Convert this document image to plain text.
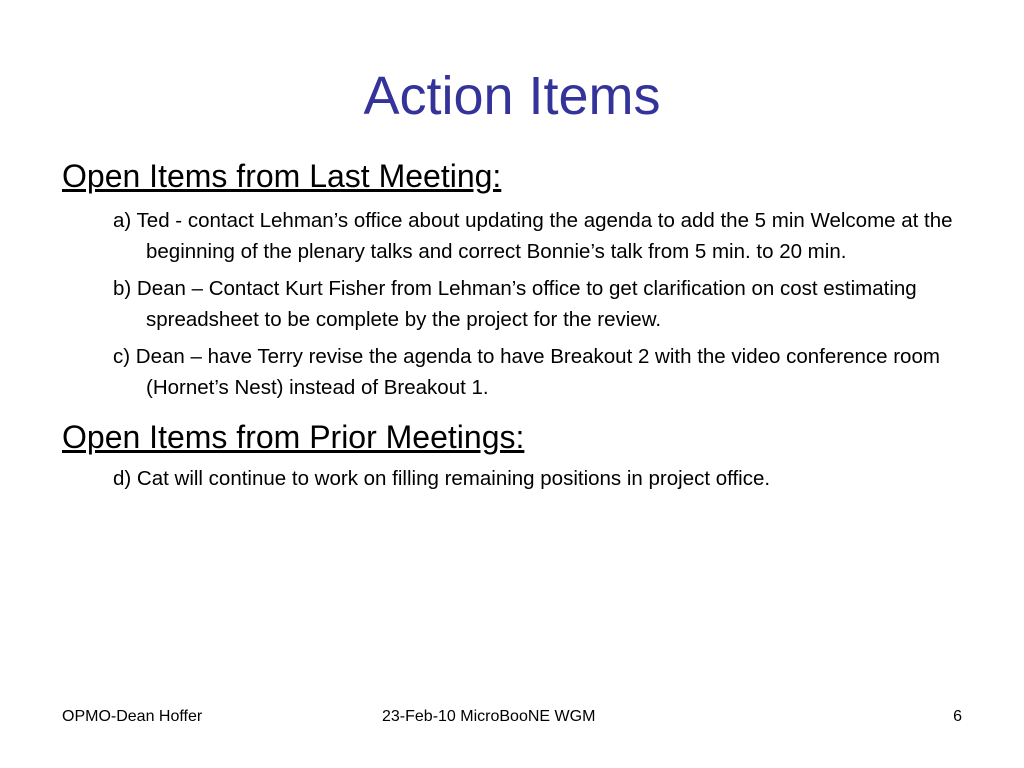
Action Items
Open Items from Last Meeting:
a) Ted - contact Lehman’s office about updating the agenda to add the 5 min Welcome at the beginning of the plenary talks and correct Bonnie’s talk from 5 min. to 20 min.
b) Dean – Contact Kurt Fisher from Lehman’s office to get clarification on cost estimating spreadsheet to be complete by the project for the review.
c) Dean – have Terry revise the agenda to have Breakout 2 with the video conference room (Hornet’s Nest) instead of Breakout 1.
Open Items from Prior Meetings:
d) Cat will continue to work on filling remaining positions in project office.
OPMO-Dean Hoffer	23-Feb-10 MicroBooNE WGM	6
